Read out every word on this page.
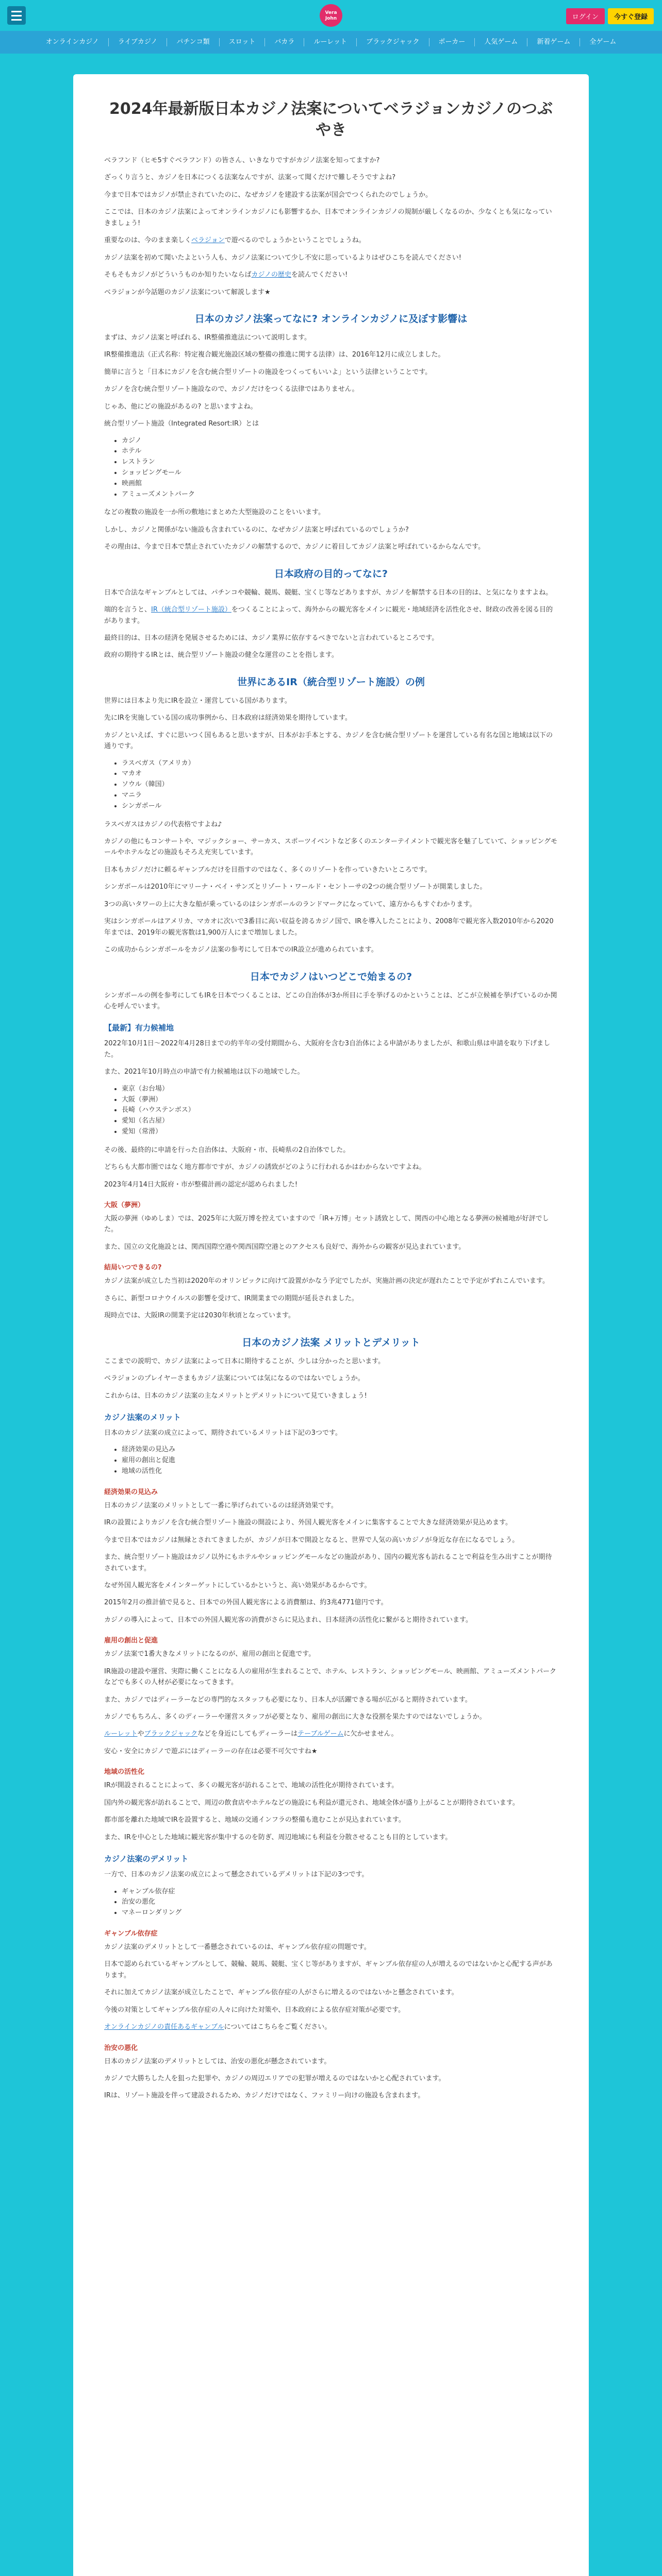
Vera
John	ログイン	今すぐ登録
オンラインカジノ	ライブカジノ	パチンコ類	スロット	バカラ	ルーレット	ブラックジャック	ポーカー	人気ゲーム	新着ゲーム	全ゲーム
2024年最新版日本カジノ法案についてベラジョンカジノのつぶやき

ベラフンド（ヒモ5すぐベラフンド）の皆さん、いきなりですがカジノ法案を知ってますか?

ざっくり言うと、カジノを日本につくる法案なんですが、法案って聞くだけで難しそうですよね?

今まで日本ではカジノが禁止されていたのに、なぜカジノを建設する法案が国会でつくられたのでしょうか。

ここでは、日本のカジノ法案によってオンラインカジノにも影響するか、日本でオンラインカジノの規制が厳しくなるのか、少なくとも気になっていきましょう!

重要なのは、今のまま楽しくベラジョンで遊べるのでしょうかということでしょうね。

カジノ法案を初めて聞いたよという人も、カジノ法案について少し不安に思っているよりはぜひこちを読んでください!

そもそもカジノがどういうものか知りたいならばカジノの歴史を読んでください!

ベラジョンが今話題のカジノ法案について解説します★

日本のカジノ法案ってなに? オンラインカジノに及ぼす影響は

まずは、カジノ法案と呼ばれる、IR整備推進法について説明します。

IR整備推進法（正式名称：特定複合観光施設区域の整備の推進に関する法律）は、2016年12月に成立しました。

簡単に言うと「日本にカジノを含む統合型リゾートの施設をつくってもいいよ」という法律ということです。

カジノを含む統合型リゾート施設なので、カジノだけをつくる法律ではありません。

じゃあ、他にどの施設があるの? と思いますよね。

統合型リゾート施設（Integrated Resort:IR）とは

• カジノ
• ホテル
• レストラン
• ショッピングモール
• 映画館
• アミューズメントパーク

などの複数の施設を一か所の敷地にまとめた大型施設のことをいいます。

しかし、カジノと関係がない施設も含まれているのに、なぜカジノ法案と呼ばれているのでしょうか?

その理由は、今まで日本で禁止されていたカジノの解禁するので、カジノに着目してカジノ法案と呼ばれているからなんです。

日本政府の目的ってなに?

日本で合法なギャンブルとしては、パチンコや競輪、競馬、競艇、宝くじ等などありますが、カジノを解禁する日本の目的は、と気になりますよね。

端的を言うと、IR（統合型リゾート施設）をつくることによって、海外からの観光客をメインに観光・地域経済を活性化させ、財政の改善を図る目的があります。

最終目的は、日本の経済を発展させるためには、カジノ業界に依存するべきでないと言われているところです。

政府の期待するIRとは、統合型リゾート施設の健全な運営のことを指します。

世界にあるIR（統合型リゾート施設）の例

世界には日本より先にIRを設立・運営している国があります。

先にIRを実施している国の成功事例から、日本政府は経済効果を期待しています。

カジノといえば、すぐに思いつく国もあると思いますが、日本がお手本とする、カジノを含む統合型リゾートを運営している有名な国と地域は以下の通りです。

• ラスベガス（アメリカ）
• マカオ
• ソウル（韓国）
• マニラ
• シンガポール

ラスベガスはカジノの代表格ですよね♪

カジノの他にもコンサートや、マジックショー、サーカス、スポーツイベントなど多くのエンターテイメントで観光客を魅了していて、ショッピングモールやホテルなどの施設もそろえ充実しています。

日本もカジノだけに頼るギャンブルだけを目指すのではなく、多くのリゾートを作っていきたいところです。

シンガポールは2010年にマリーナ・ベイ・サンズとリゾート・ワールド・セントーサの2つの統合型リゾートが開業しました。

3つの高いタワーの上に大きな船が乗っているのはシンガポールのランドマークになっていて、遠方からもすぐわかります。

実はシンガポールはアメリカ、マカオに次いで3番目に高い収益を誇るカジノ国で、IRを導入したことにより、2008年で観光客入数2010年から2020年までは、2019年の観光客数は1,900万人にまで増加しました。

この成功からシンガポールをカジノ法案の参考にして日本でのIR設立が進められています。

日本でカジノはいつどこで始まるの?

シンガポールの例を参考にしてもIRを日本でつくることは、どこの自治体が3か所目に手を挙げるのかということは、どこが立候補を挙げているのか関心を呼んでいます。

【最新】有力候補地

2022年10月1日～2022年4月28日までの約半年の受付期間から、大阪府を含む3自治体による申請がありましたが、和歌山県は申請を取り下げました。

また、2021年10月時点の申請で有力候補地は以下の地域でした。

• 東京（お台場）
• 大阪（夢洲）
• 長崎（ハウステンボス）
• 愛知（名古屋）
• 愛知（常滑）

その後、最終的に申請を行った自治体は、大阪府・市、長崎県の2自治体でした。

どちらも大都市圏ではなく地方都市ですが、カジノの誘致がどのように行われるかはわからないですよね。

2023年4月14日大阪府・市が整備計画の認定が認められました!

大阪（夢洲）

大阪の夢洲（ゆめしま）では、2025年に大阪万博を控えていますので「IR+万博」セット誘致として、関西の中心地となる夢洲の候補地が好評でした。

また、国立の文化施設とは、関西国際空港や関西国際空港とのアクセスも良好で、海外からの観客が見込まれています。

結局いつできるの?

カジノ法案が成立した当初は2020年のオリンピックに向けて設置がかなう予定でしたが、実施計画の決定が遅れたことで予定がずれこんでいます。

さらに、新型コロナウイルスの影響を受けて、IR開業までの期間が延長されました。

現時点では、大阪IRの開業予定は2030年秋頃となっています。

日本のカジノ法案 メリットとデメリット

ここまでの説明で、カジノ法案によって日本に期待することが、少しは分かったと思います。

ベラジョンのプレイヤーさまもカジノ法案については気になるのではないでしょうか。

これからは、日本のカジノ法案の主なメリットとデメリットについて見ていきましょう!

カジノ法案のメリット

日本のカジノ法案の成立によって、期待されているメリットは下記の3つです。

• 経済効果の見込み
• 雇用の創出と促進
• 地域の活性化
経済効果の見込み

日本のカジノ法案のメリットとして一番に挙げられているのは経済効果です。

IRの設置によりカジノを含む統合型リゾート施設の開設により、外国人観光客をメインに集客することで大きな経済効果が見込めます。

今まで日本ではカジノは無縁とされてきましたが、カジノが日本で開設となると、世界で人気の高いカジノが身近な存在になるでしょう。

また、統合型リゾート施設はカジノ以外にもホテルやショッピングモールなどの施設があり、国内の観光客も訪れることで利益を生み出すことが期待されています。

なぜ外国人観光客をメインターゲットにしているかというと、高い効果があるからです。

2015年2月の推計値で見ると、日本での外国人観光客による消費額は、約3兆4771億円です。

カジノの導入によって、日本での外国人観光客の消費がさらに見込まれ、日本経済の活性化に繋がると期待されています。

雇用の創出と促進

カジノ法案で1番大きなメリットになるのが、雇用の創出と促進です。

IR施設の建設や運営、実際に働くことになる人の雇用が生まれることで、ホテル、レストラン、ショッピングモール、映画館、アミューズメントパークなどでも多くの人材が必要になってきます。

また、カジノではディーラーなどの専門的なスタッフも必要になり、日本人が活躍できる場が広がると期待されています。

カジノでもちろん、多くのディーラーや運営スタッフが必要となり、雇用の創出に大きな役割を果たすのではないでしょうか。

ルーレットやブラックジャックなどを身近にしてもディーラーはテーブルゲームに欠かせません。

安心・安全にカジノで遊ぶにはディーラーの存在は必要不可欠ですね★

地域の活性化

IRが開設されることによって、多くの観光客が訪れることで、地域の活性化が期待されています。

国内外の観光客が訪れることで、周辺の飲食店やホテルなどの施設にも利益が還元され、地域全体が盛り上がることが期待されています。

都市部を離れた地域でIRを設置すると、地域の交通インフラの整備も進むことが見込まれています。

また、IRを中心とした地域に観光客が集中するのを防ぎ、周辺地域にも利益を分散させることも目的としています。

カジノ法案のデメリット

一方で、日本のカジノ法案の成立によって懸念されているデメリットは下記の3つです。

• ギャンブル依存症
• 治安の悪化
• マネーロンダリング
ギャンブル依存症

カジノ法案のデメリットとして一番懸念されているのは、ギャンブル依存症の問題です。

日本で認められているギャンブルとして、競輪、競馬、競艇、宝くじ等がありますが、ギャンブル依存症の人が増えるのではないかと心配する声があります。

それに加えてカジノ法案が成立したことで、ギャンブル依存症の人がさらに増えるのではないかと懸念されています。

今後の対策としてギャンブル依存症の人々に向けた対策や、日本政府による依存症対策が必要です。

オンラインカジノの責任あるギャンブルについてはこちらをご覧ください。

治安の悪化

日本のカジノ法案のデメリットとしては、治安の悪化が懸念されています。

カジノで大勝ちした人を狙った犯罪や、カジノの周辺エリアでの犯罪が増えるのではないかと心配されています。

IRは、リゾート施設を伴って建設されるため、カジノだけではなく、ファミリー向けの施設も含まれます。
